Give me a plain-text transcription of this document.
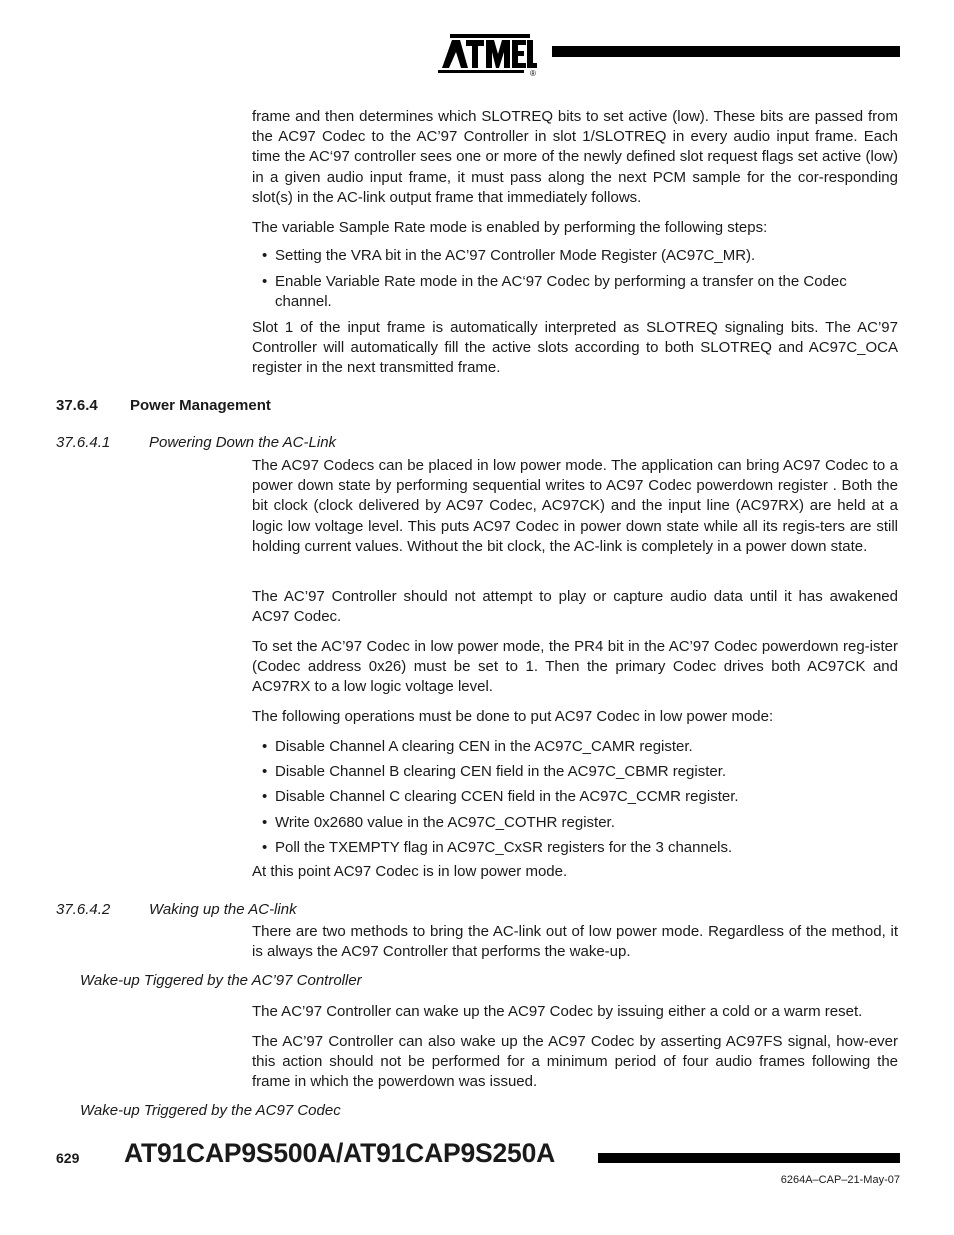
®

frame and then determines which SLOTREQ bits to set active (low). These bits are passed from the AC97 Codec to the AC’97 Controller in slot 1/SLOTREQ in every audio input frame. Each time the AC‘97 controller sees one or more of the newly defined slot request flags set active (low) in a given audio input frame, it must pass along the next PCM sample for the cor-responding slot(s) in the AC-link output frame that immediately follows.

The variable Sample Rate mode is enabled by performing the following steps:

• Setting the VRA bit in the AC’97 Controller Mode Register (AC97C_MR).
• Enable Variable Rate mode in the AC‘97 Codec by performing a transfer on the Codec channel.

Slot 1 of the input frame is automatically interpreted as SLOTREQ signaling bits. The AC’97 Controller will automatically fill the active slots according to both SLOTREQ and AC97C_OCA register in the next transmitted frame.

37.6.4 Power Management
37.6.4.1	Powering Down the AC-Link

The AC97 Codecs can be placed in low power mode. The application can bring AC97 Codec to a power down state by performing sequential writes to AC97 Codec powerdown register . Both the bit clock (clock delivered by AC97 Codec, AC97CK) and the input line (AC97RX) are held at a logic low voltage level. This puts AC97 Codec in power down state while all its regis-ters are still holding current values. Without the bit clock, the AC-link is completely in a power down state.

The AC’97 Controller should not attempt to play or capture audio data until it has awakened AC97 Codec.

To set the AC’97 Codec in low power mode, the PR4 bit in the AC’97 Codec powerdown reg-ister (Codec address 0x26) must be set to 1. Then the primary Codec drives both AC97CK and AC97RX to a low logic voltage level.

The following operations must be done to put AC97 Codec in low power mode:

• Disable Channel A clearing CEN in the AC97C_CAMR register.
• Disable Channel B clearing CEN field in the AC97C_CBMR register.
• Disable Channel C clearing CCEN field in the AC97C_CCMR register.
• Write 0x2680 value in the AC97C_COTHR register.
• Poll the TXEMPTY flag in AC97C_CxSR registers for the 3 channels.

At this point AC97 Codec is in low power mode.

37.6.4.2	Waking up the AC-link

There are two methods to bring the AC-link out of low power mode. Regardless of the method, it is always the AC97 Controller that performs the wake-up.

Wake-up Tiggered by the AC’97 Controller

The AC’97 Controller can wake up the AC97 Codec by issuing either a cold or a warm reset.

The AC’97 Controller can also wake up the AC97 Codec by asserting AC97FS signal, how-ever this action should not be performed for a minimum period of four audio frames following the frame in which the powerdown was issued.

Wake-up Triggered by the AC97 Codec
629 AT91CAP9S500A/AT91CAP9S250A
6264A–CAP–21-May-07
